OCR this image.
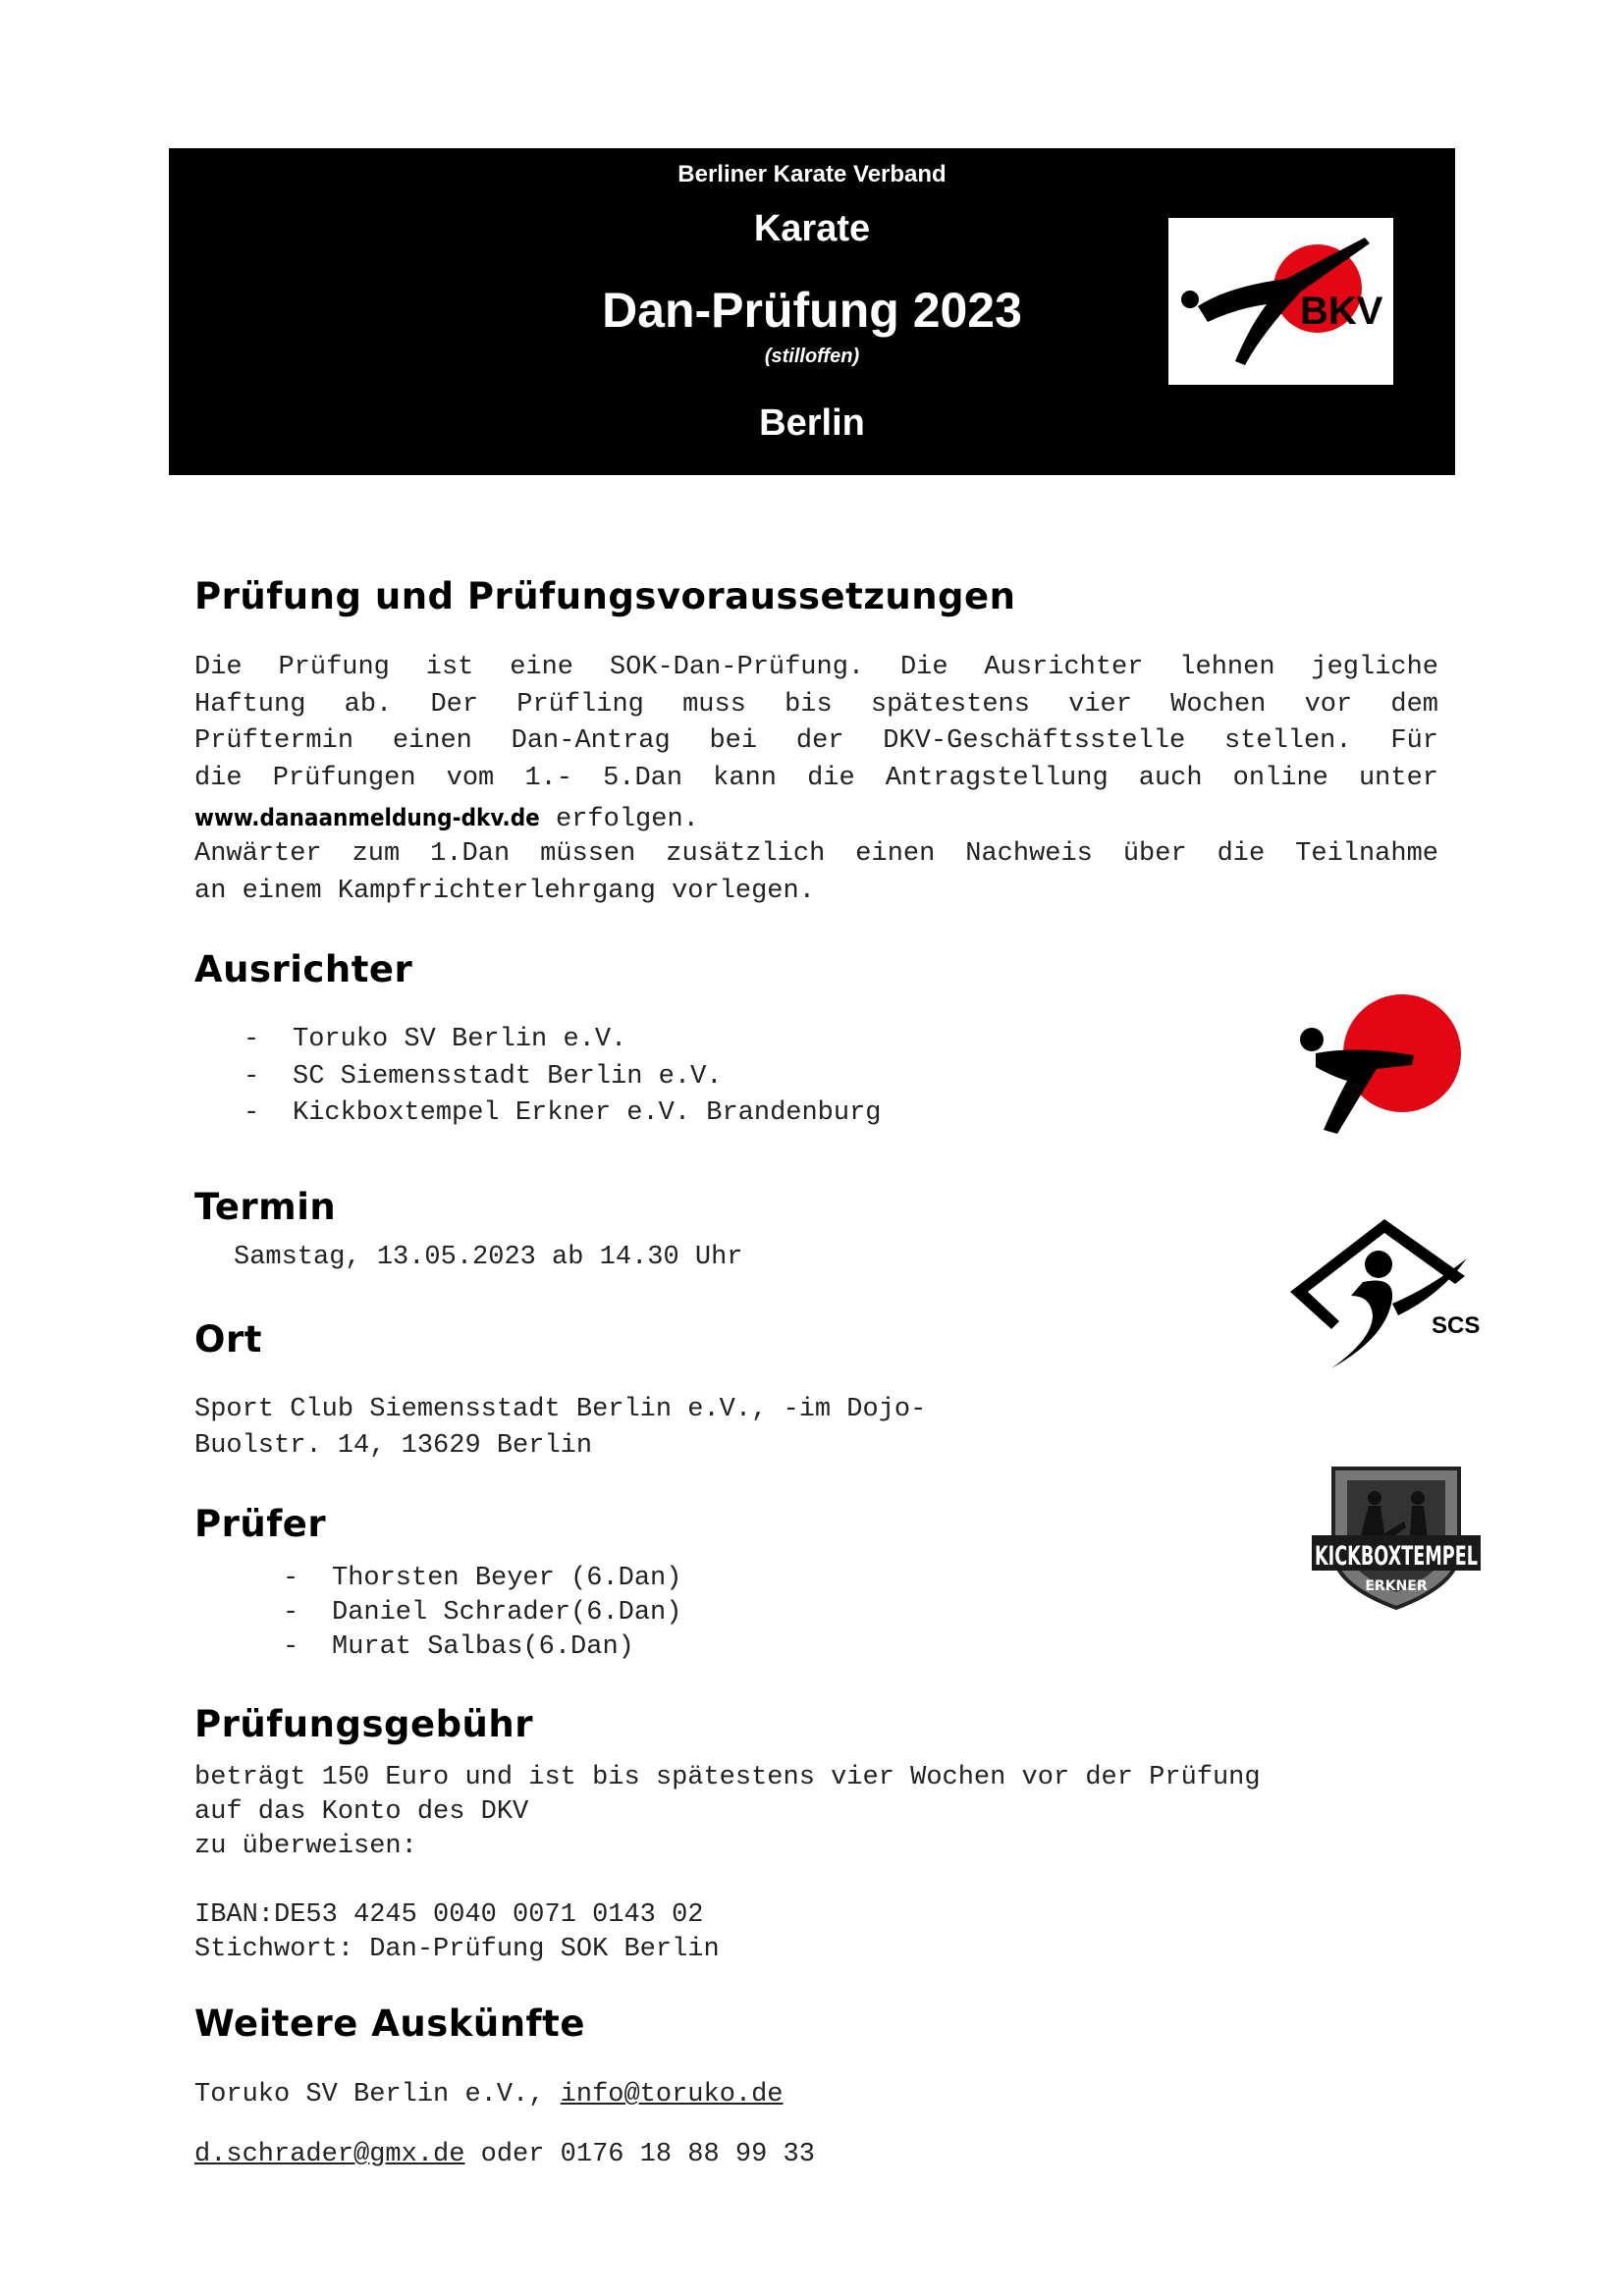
Berliner Karate Verband
Karate
Dan-Prüfung 2023
(stilloffen)
Berlin
BKV
Prüfung und Prüfungsvoraussetzungen
Die Prüfung ist eine SOK-Dan-Prüfung. Die Ausrichter lehnen jegliche
Haftung ab. Der Prüfling muss bis spätestens vier Wochen vor dem
Prüftermin einen Dan-Antrag bei der DKV-Geschäftsstelle stellen. Für
die Prüfungen vom 1.- 5.Dan kann die Antragstellung auch online unter
www.danaanmeldung-dkv.de erfolgen.
Anwärter zum 1.Dan müssen zusätzlich einen Nachweis über die Teilnahme
an einem Kampfrichterlehrgang vorlegen.
Ausrichter
- Toruko SV Berlin e.V.
- SC Siemensstadt Berlin e.V.
- Kickboxtempel Erkner e.V. Brandenburg
Termin
Samstag, 13.05.2023 ab 14.30 Uhr
Ort
Sport Club Siemensstadt Berlin e.V., -im Dojo-
Buolstr. 14, 13629 Berlin
Prüfer
- Thorsten Beyer (6.Dan)
- Daniel Schrader(6.Dan)
- Murat Salbas(6.Dan)
Prüfungsgebühr
beträgt 150 Euro und ist bis spätestens vier Wochen vor der Prüfung
auf das Konto des DKV
zu überweisen:
IBAN:DE53 4245 0040 0071 0143 02
Stichwort: Dan-Prüfung SOK Berlin
Weitere Auskünfte
Toruko SV Berlin e.V., info@toruko.de
d.schrader@gmx.de oder 0176 18 88 99 33
SCS
KICKBOXTEMPEL
ERKNER
